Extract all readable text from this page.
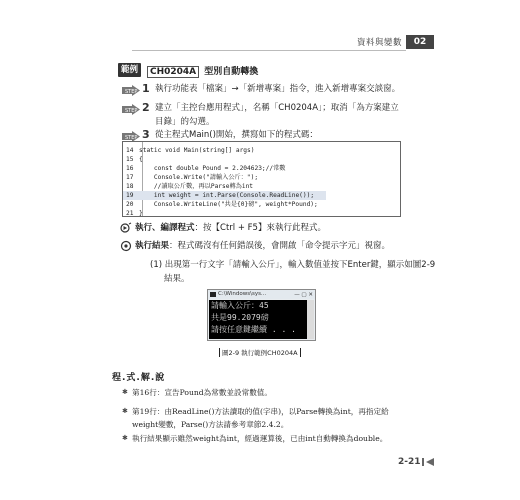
資料與變數	02
範例	CH0204A 型別自動轉換
STEP 1 執行功能表「檔案」→「新增專案」指令，進入新增專案交談窗。
STEP 2 建立「主控台應用程式」，名稱「CH0204A」；取消「為方案建立
目錄」的勾選。
STEP 3 從主程式Main()開始，撰寫如下的程式碼：
14 static void Main(string[] args)
15 {
16    const double Pound = 2.204623;//常數
17    Console.Write("請輸入公斤：");
18    //讀取公斤數，再以Parse轉為int
19    int weight = int.Parse(Console.ReadLine());
20    Console.WriteLine("共是{0}磅", weight*Pound);
21 }
執行、編譯程式：按【Ctrl + F5】來執行此程式。
執行結果：程式碼沒有任何錯誤後，會開啟「命令提示字元」視窗。
(1) 出現第一行文字「請輸入公斤」，輸入數值並按下Enter鍵，顯示如圖2-9
結果。
C:\Windows\sys...	— ▢ ✕
請輸入公斤：45
共是99.2079磅
請按任意鍵繼續 . . .
圖2-9 執行範例CH0204A
程.式.解.說
✱ 第16行：宣告Pound為常數並設常數值。
✱ 第19行：由ReadLine()方法讀取的值(字串)，以Parse轉換為int，再指定給
weight變數，Parse()方法請參考章節2.4.2。
✱ 執行結果顯示雖然weight為int，經過運算後，已由int自動轉換為double。
2-21
